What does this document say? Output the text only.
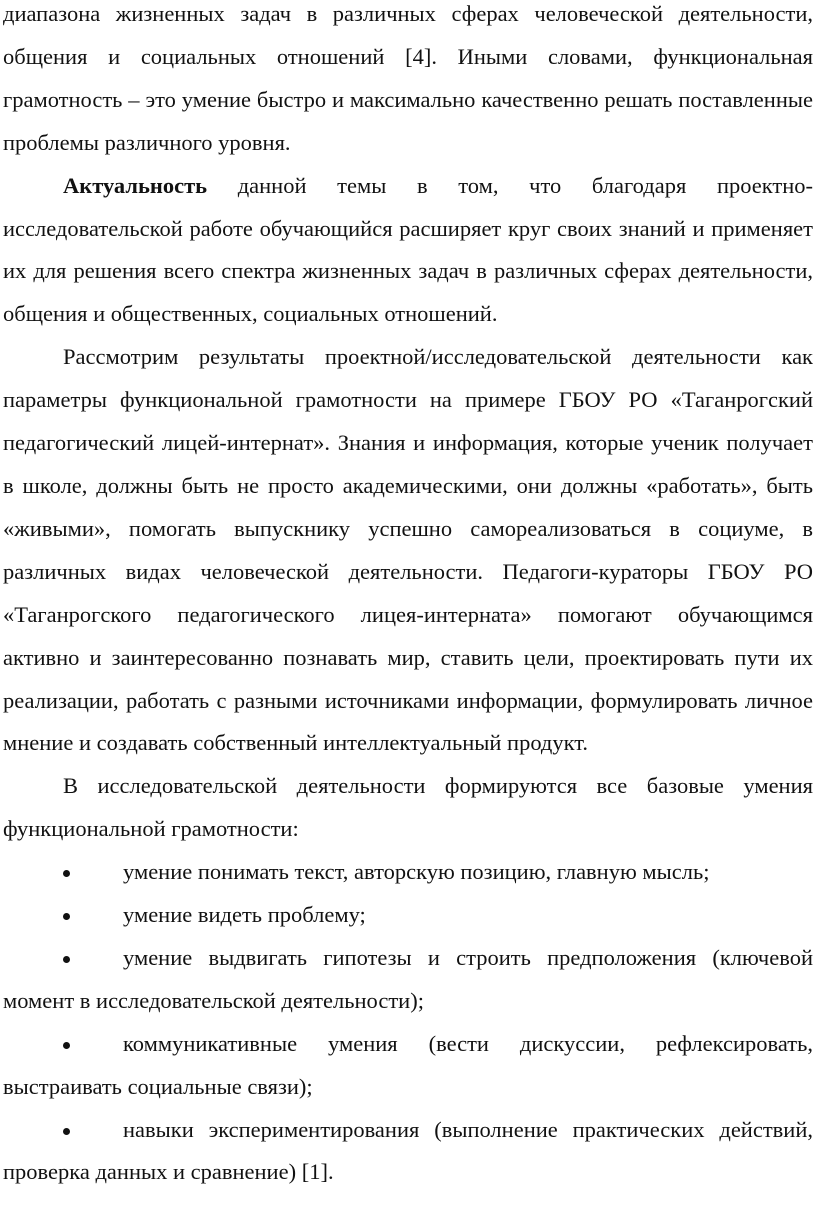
диапазона жизненных задач в различных сферах человеческой деятельности, общения и социальных отношений [4]. Иными словами, функциональная грамотность – это умение быстро и максимально качественно решать поставленные проблемы различного уровня.

Актуальность данной темы в том, что благодаря проектно-исследовательской работе обучающийся расширяет круг своих знаний и применяет их для решения всего спектра жизненных задач в различных сферах деятельности, общения и общественных, социальных отношений.

Рассмотрим результаты проектной/исследовательской деятельности как параметры функциональной грамотности на примере ГБОУ РО «Таганрогский педагогический лицей-интернат». Знания и информация, которые ученик получает в школе, должны быть не просто академическими, они должны «работать», быть «живыми», помогать выпускнику успешно самореализоваться в социуме, в различных видах человеческой деятельности. Педагоги-кураторы ГБОУ РО «Таганрогского педагогического лицея-интерната» помогают обучающимся активно и заинтересованно познавать мир, ставить цели, проектировать пути их реализации, работать с разными источниками информации, формулировать личное мнение и создавать собственный интеллектуальный продукт.

В исследовательской деятельности формируются все базовые умения функциональной грамотности:

умение понимать текст, авторскую позицию, главную мысль;
умение видеть проблему;
умение выдвигать гипотезы и строить предположения (ключевой момент в исследовательской деятельности);
коммуникативные умения (вести дискуссии, рефлексировать, выстраивать социальные связи);
навыки экспериментирования (выполнение практических действий, проверка данных и сравнение) [1].
